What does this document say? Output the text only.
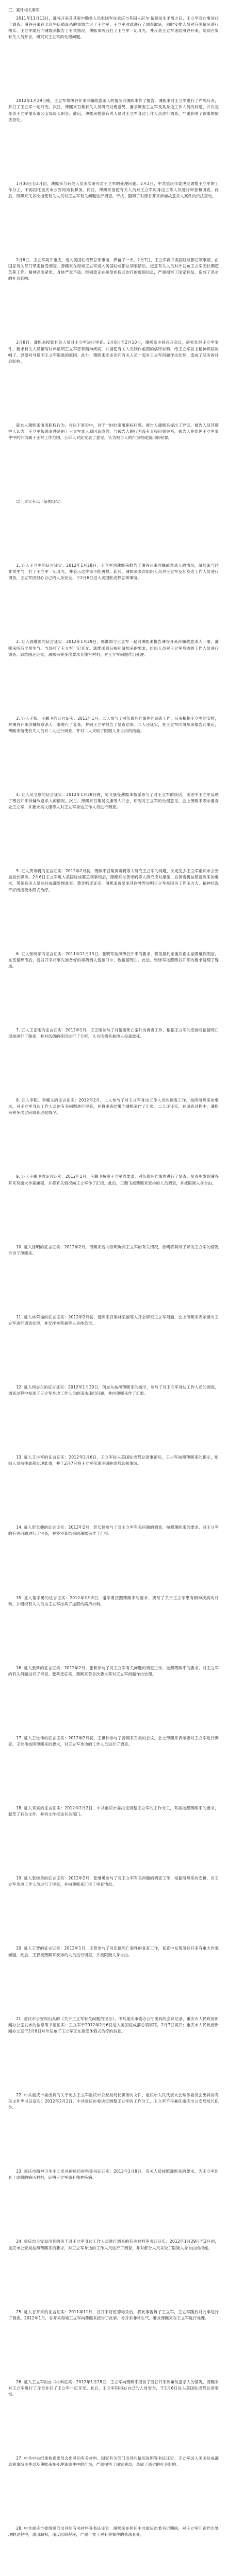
三、案件相关事实

2011年11月13日，薄谷开来及其家中勤务人员张晓军在重庆与英国人尼尔·伍德发生矛盾之后，王立军对此事进行了调查。薄谷开来在北京将伍德毒杀的事情告诉了王立军，王立军对此进行了调查取证，同时安排人员对有关情况进行核实。王立军随后向薄熙来报告了有关情况，薄熙来听后打了王立军一记耳光，并斥责王立军诬陷薄谷开来，随即召集有关人员开会，研究对王立军的处理问题。

2012年1月29日晚，王立军将薄谷开来涉嫌故意杀人的情况向薄熙来作了报告，薄熙来对王立军进行了严厉斥责，并打了王立军一记耳光。次日，薄熙来召集有关人员研究处理意见，要求调查王立军及其身边工作人员的问题，并决定免去王立军重庆市公安局局长职务。此后，薄熙来授意有关人员对王立军身边工作人员进行调查，严重影响了该案的依法查处。

1月30日至2月初，薄熙来与有关人员多次研究对王立军的处理问题。2月2日，中共重庆市委决定调整王立军的工作分工，不再担任重庆市公安局局长职务。同日，薄熙来指使有关人员对王立军的身边工作人员进行审查和调查。此后，薄熙来又多次指使有关人员对王立军有关问题进行调查，干扰、阻碍了对薄谷开来涉嫌故意杀人案件的依法查处。

2月6日，王立军离开重庆，进入美国驻成都总领事馆，滞留了一天。2月7日，王立军离开美国驻成都总领事馆，由国家有关部门带走接受调查。薄熙来在得知王立军进入美国驻成都总领事馆后，授意有关人员对外发布王立军因长期超负荷工作、精神高度紧张、身体严重不适，经同意正在接受休假式治疗的虚假信息，严重损害了国家利益，造成了恶劣的社会影响。

2月8日，薄熙来授意有关人员对王立军进行审查。2月8日至2月10日，薄熙来主持召开会议，研究处理王立军事件，要求有关人员撰写材料证明王立军患有精神疾病，并指使有关人员制作虚假的病历材料，给王立军扣上精神疾病的帽子，以便对外说明王立军叛逃的原因。此外，薄熙来还多次同有关人员一起对王立军问题作出处理，造成了恶劣的社会影响。

就本人薄熙来滥用职权行为，在以下事实中，对于一时的滥用职权问题，被告人薄熙来提出了异议。被告人及其辩护人认为，王立军叛逃事件是由于王立军本人原因造成的，与被告人的行为没有直接因果关系，被告人在处理王立军事件中的行为属于正常工作范围。公诉人对此发表了意见，认为被告人的行为构成滥用职权罪。

以上事实有以下证据证实：

1. 证人王立军的证言证实：2012年1月28日，王立军向薄熙来报告了薄谷开来涉嫌故意杀人的情况，薄熙来当时非常生气，打了王立军一记耳光，并表示这件事不能再提。此后，薄熙来多次组织人员对王立军及其身边工作人员进行调查，王立军因担心自己的人身安全，于2月6日进入美国驻成都总领事馆。

2. 证人郭维国的证言证实：2012年1月29日，郭维国与王立军一起向薄熙来报告薄谷开来涉嫌故意杀人一事，薄熙来听后非常生气，当场打了王立军一记耳光。郭维国随后按照薄熙来的要求，组织人员对王立军身边的工作人员进行调查。郭维国还证实，薄熙来曾多次要求其撰写材料，对王立军问题作出处理。

3. 证人王智、王鹏飞的证言证实：2012年1月，二人参与了对伍德死亡案件的调查工作，后来根据王立军的安排，对薄谷开来涉嫌故意杀人一事进行了复查，并向王立军报告了复查结果。二人还证实，在王立军向薄熙来报告此事后，薄熙来指使有关人员对二人进行调查，并对二人采取了限制人身自由的措施。

4. 证人吴文康的证言证实：2012年1月28日晚，吴文康受薄熙来指派参与了对王立军的谈话，谈话中王立军反映了薄谷开来涉嫌故意杀人的情况。次日，薄熙来召集吴文康等人开会，研究对王立军的处理意见，会上薄熙来表示要查处王立军，并要求吴文康等人对王立军身边工作人员进行调查。

5. 证人黄奇帆的证言证实：2012年2月初，薄熙来召集黄奇帆等人研究王立军的问题，决定免去王立军重庆市公安局局长职务。2月6日王立军进入美国驻成都总领事馆后，薄熙来与黄奇帆等人研究应对措施，后黄奇帆按照薄熙来的要求，带领有关人员前往成都处理此事。黄奇帆还证实，薄熙来曾要求其向外界说明王立军是因为工作压力大、精神状况不好而接受休假式治疗。

6. 证人张晓军的证言证实：2011年11月13日，张晓军按照薄谷开来的要求，将伍德约至重庆南山丽景度假酒店，在伍德醉酒后，薄谷开来将事先准备好的毒药倒入伍德口中，致伍德死亡。此后，张晓军按照薄谷开来的要求清理了现场。

7. 证人王正刚的证言证实：2012年1月，王正刚参与了对伍德死亡案件的调查工作，根据王立军的安排对伍德死亡现场进行了勘查，并对伍德的死因进行了分析，认为伍德系被他人投毒致死。

8. 证人李阳、李耀义的证言证实：2012年2月，二人参与了对王立军身边工作人员的调查工作，按照薄熙来的要求，对王立军身边工作人员的有关问题进行审查，并将审查结果向薄熙来作了汇报。二人还证实，在调查过程中，薄熙来曾多次过问调查进展情况。

9. 证人王鹏飞的证言证实：2012年1月，王鹏飞按照王立军的要求，对伍德死亡案件进行了复查，复查中发现薄谷开来有重大作案嫌疑，并将有关情况向王立军作了汇报。此后，王鹏飞被薄熙来安排的人员调查，并被限制人身自由。

10. 证人徐明的证言证实：2012年2月，薄熙来曾向徐明询问王立军的有关情况，徐明将其所了解的王立军的情况告诉了薄熙来。

11. 证人林荣福的证言证实：2012年2月初，薄熙来召集林荣福等人开会研究王立军问题，会上薄熙来表示要对王立军进行调查处理，并安排林荣福等人具体负责。

12. 证人何志东的证言证实：2012年1月29日，何志东按照薄熙来的指示，参与了对王立军身边工作人员的调查，调查过程中发现了王立军身边工作人员的违法违纪问题，并向薄熙来作了汇报。

13. 证人王小军的证言证实：2012年2月6日，王立军进入美国驻成都总领事馆后，王小军按照薄熙来的指示，组织人员前往成都处理此事，并于2月7日将王立军带离美国驻成都总领事馆。

14. 证人彭长健的证言证实：2012年2月，彭长健参与了对王立军有关问题的调查，按照薄熙来的要求，对王立军的有关问题进行了审查，并将审查结果向薄熙来作了汇报。

15. 证人谢学勇的证言证实：2012年2月8日，谢学勇按照薄熙来的要求，撰写了关于王立军患有精神疾病的材料，并组织有关人员为王立军出具了虚假的病历材料。

16. 证人张耕的证言证实：2012年2月，张耕参与了对王立军有关问题的调查工作，按照薄熙来的要求，对王立军的有关问题进行了审查。张耕还证实，薄熙来曾多次要求其对王立军问题作出处理。

17. 证人王世伟的证言证实：2012年2月初，王世伟参与了薄熙来召集的会议，会上薄熙来表示要对王立军进行调查，王世伟按照薄熙来的要求，对王立军身边的工作人员进行了调查。

18. 证人邓斌的证言证实：2012年2月2日，中共重庆市委决定调整王立军的工作分工，邓斌按照薄熙来的要求，起草了有关文件，并将文件报送有关部门。

19. 证人张继勇的证言证实：2012年2月，张继勇参与了对王立军有关问题的调查工作，根据薄熙来的安排，对王立军身边工作人员进行了审查，并向薄熙来汇报了审查情况。

20. 证人王智的证言证实：2012年1月，王智参与了对伍德死亡案件的复查工作，复查中发现薄谷开来有重大作案嫌疑。此后，王智被薄熙来安排的人员进行调查，并被限制人身自由。

21. 重庆市公安局出具的《关于王立军有关问题的报告》、中共重庆市委办公厅出具的会议记录、重庆市人民政府新闻办公室发布的信息等书证证实：王立军于2012年2月6日进入美国驻成都总领事馆，2月7日离开；重庆市人民政府新闻办公室于2月8日对外发布了王立军正在接受休假式治疗的信息。

22. 中共重庆市委出具的关于免去王立军重庆市公安局局长职务的文件、重庆市人民代表大会常务委员会出具的有关文件等书证证实：2012年2月2日，中共重庆市委决定调整王立军的工作分工，王立军不再兼任重庆市公安局局长职务。

23. 重庆市精神卫生中心出具的病历材料等书证证实：2012年2月8日，有关人员按照薄熙来的要求，为王立军出具了虚假的病历材料，证明王立军患有精神疾病。

24. 重庆市公安局出具的关于对王立军身边工作人员进行调查的有关材料等书证证实：2012年1月29日至2月初，重庆市公安局按照薄熙来的要求，对王立军身边的工作人员进行了调查，并对部分人员采取了限制人身自由的措施。

25. 证人谷开来的证言证实：2011年11月，谷开来将伍德毒杀后，将此事告诉了王立军，王立军随后对此事进行了调查。2012年1月，谷开来得知王立军向薄熙来报告了此事，谷开来非常生气，要求薄熙来对王立军进行处理。

26. 证人王立军的自书材料证实：2012年1月28日，王立军向薄熙来报告了薄谷开来涉嫌故意杀人的情况，薄熙来对王立军进行了斥责并打了王立军一记耳光。此后，王立军因担心自己的人身安全，于2月6日进入美国驻成都总领事馆。

27. 中共中央纪律检查委员会出具的有关材料、国家有关部门出具的情况说明等书证证实：王立军进入美国驻成都总领事馆事件以及薄熙来在处理该事件中的行为，严重损害了国家利益，造成了恶劣的社会影响。

28. 中共重庆市委组织部出具的有关材料等书证证实：薄熙来在担任中共重庆市委书记期间，对王立军问题作出处理的过程中，滥用职权，违反组织程序，严重干扰了对有关案件的依法查处。
